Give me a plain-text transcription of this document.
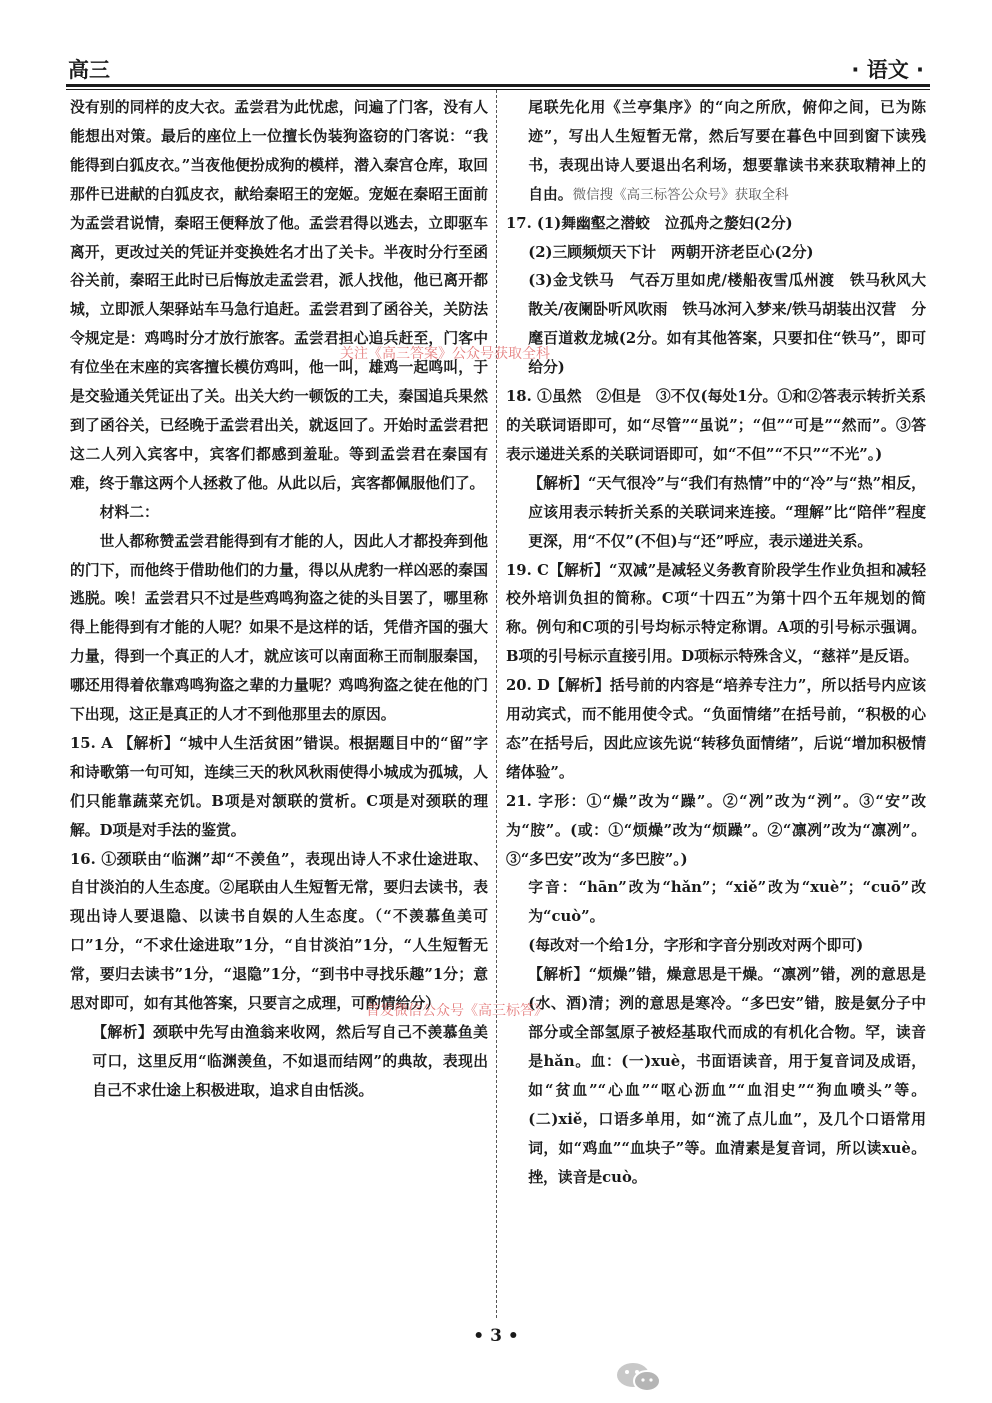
高三	· 语文 ·

没有别的同样的皮大衣。孟尝君为此忧虑，问遍了门客，没有人能想出对策。最后的座位上一位擅长伪装狗盗窃的门客说：“我能得到白狐皮衣。”当夜他便扮成狗的模样，潜入秦宫仓库，取回那件已进献的白狐皮衣，献给秦昭王的宠姬。宠姬在秦昭王面前为孟尝君说情，秦昭王便释放了他。孟尝君得以逃去，立即驱车离开，更改过关的凭证并变换姓名才出了关卡。半夜时分行至函谷关前，秦昭王此时已后悔放走孟尝君，派人找他，他已离开都城，立即派人架驿站车马急行追赶。孟尝君到了函谷关，关防法令规定是：鸡鸣时分才放行旅客。孟尝君担心追兵赶至，门客中有位坐在末座的宾客擅长模仿鸡叫，他一叫，雄鸡一起鸣叫，于是交验通关凭证出了关。出关大约一顿饭的工夫，秦国追兵果然到了函谷关，已经晚于孟尝君出关，就返回了。开始时孟尝君把这二人列入宾客中，宾客们都感到羞耻。等到孟尝君在秦国有难，终于靠这两个人拯救了他。从此以后，宾客都佩服他们了。

材料二：

世人都称赞孟尝君能得到有才能的人，因此人才都投奔到他的门下，而他终于借助他们的力量，得以从虎豹一样凶恶的秦国逃脱。唉！孟尝君只不过是些鸡鸣狗盗之徒的头目罢了，哪里称得上能得到有才能的人呢？如果不是这样的话，凭借齐国的强大力量，得到一个真正的人才，就应该可以南面称王而制服秦国，哪还用得着依靠鸡鸣狗盗之辈的力量呢？鸡鸣狗盗之徒在他的门下出现，这正是真正的人才不到他那里去的原因。

15. A 【解析】“城中人生活贫困”错误。根据题目中的“留”字和诗歌第一句可知，连续三天的秋风秋雨使得小城成为孤城，人们只能靠蔬菜充饥。B项是对颔联的赏析。C项是对颈联的理解。D项是对手法的鉴赏。

16. ①颈联由“临渊”却“不羡鱼”，表现出诗人不求仕途进取、自甘淡泊的人生态度。②尾联由人生短暂无常，要归去读书，表现出诗人要退隐、以读书自娱的人生态度。（“不羡慕鱼美可口”1分，“不求仕途进取”1分，“自甘淡泊”1分，“人生短暂无常，要归去读书”1分，“退隐”1分，“到书中寻找乐趣”1分；意思对即可，如有其他答案，只要言之成理，可酌情给分）

【解析】颈联中先写由渔翁来收网，然后写自己不羡慕鱼美可口，这里反用“临渊羡鱼，不如退而结网”的典故，表现出自己不求仕途上积极进取，追求自由恬淡。

尾联先化用《兰亭集序》的“向之所欣，俯仰之间，已为陈迹”，写出人生短暂无常，然后写要在暮色中回到窗下读残书，表现出诗人要退出名利场，想要靠读书来获取精神上的自由。微信搜《高三标答公众号》获取全科

17. (1)舞幽壑之潜蛟　泣孤舟之嫠妇(2分)

(2)三顾频烦天下计　两朝开济老臣心(2分)

(3)金戈铁马　气吞万里如虎/楼船夜雪瓜州渡　铁马秋风大散关/夜阑卧听风吹雨　铁马冰河入梦来/铁马胡装出汉营　分麾百道救龙城(2分。如有其他答案，只要扣住“铁马”，即可给分)

18. ①虽然　②但是　③不仅(每处1分。①和②答表示转折关系的关联词语即可，如“尽管”“虽说”；“但”“可是”“然而”。③答表示递进关系的关联词语即可，如“不但”“不只”“不光”。)

【解析】“天气很冷”与“我们有热情”中的“冷”与“热”相反，应该用表示转折关系的关联词来连接。“理解”比“陪伴”程度更深，用“不仅”(不但)与“还”呼应，表示递进关系。

19. C【解析】“双减”是减轻义务教育阶段学生作业负担和减轻校外培训负担的简称。C项“十四五”为第十四个五年规划的简称。例句和C项的引号均标示特定称谓。A项的引号标示强调。B项的引号标示直接引用。D项标示特殊含义，“慈祥”是反语。

20. D【解析】括号前的内容是“培养专注力”，所以括号内应该用动宾式，而不能用使令式。“负面情绪”在括号前，“积极的心态”在括号后，因此应该先说“转移负面情绪”，后说“增加积极情绪体验”。

21. 字形：①“燥”改为“躁”。②“冽”改为“洌”。③“安”改为“胺”。(或：①“烦燥”改为“烦躁”。②“凛冽”改为“凛冽”。③“多巴安”改为“多巴胺”。)

字音：“hān”改为“hǎn”；“xiě”改为“xuè”；“cuō”改为“cuò”。

(每改对一个给1分，字形和字音分别改对两个即可)

【解析】“烦燥”错，燥意思是干燥。“凛冽”错，冽的意思是(水、酒)清；洌的意思是寒冷。“多巴安”错，胺是氨分子中部分或全部氢原子被烃基取代而成的有机化合物。罕，读音是hǎn。血：(一)xuè，书面语读音，用于复音词及成语，如“贫血”“心血”“呕心沥血”“血泪史”“狗血喷头”等。(二)xiě，口语多单用，如“流了点儿血”，及几个口语常用词，如“鸡血”“血块子”等。血清素是复音词，所以读xuè。挫，读音是cuò。

关注《高三答案》公众号获取全科
首发微信公众号《高三标答》
• 3 •
